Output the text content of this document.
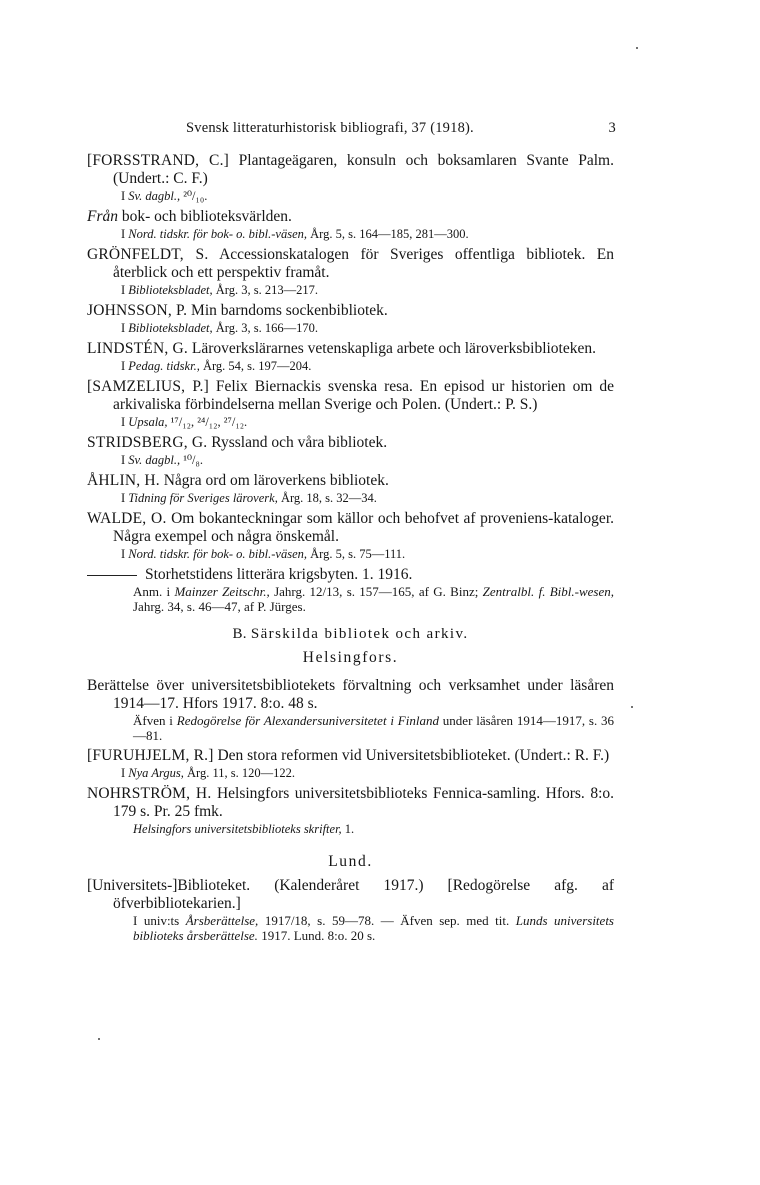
Svensk litteraturhistorisk bibliografi, 37 (1918).	3
[FORSSTRAND, C.] Plantageägaren, konsuln och boksamlaren Svante Palm. (Undert.: C. F.)
I Sv. dagbl., ²⁰/₁₀.
Från bok- och biblioteksvärlden.
I Nord. tidskr. för bok- o. bibl.-väsen, Årg. 5, s. 164—185, 281—300.
GRÖNFELDT, S. Accessionskatalogen för Sveriges offentliga bibliotek. En återblick och ett perspektiv framåt.
I Biblioteksbladet, Årg. 3, s. 213—217.
JOHNSSON, P. Min barndoms sockenbibliotek.
I Biblioteksbladet, Årg. 3, s. 166—170.
LINDSTÉN, G. Läroverkslärarnes vetenskapliga arbete och läroverksbiblioteken.
I Pedag. tidskr., Årg. 54, s. 197—204.
[SAMZELIUS, P.] Felix Biernackis svenska resa. En episod ur historien om de arkivaliska förbindelserna mellan Sverige och Polen. (Undert.: P. S.)
I Upsala, ¹⁷/₁₂, ²⁴/₁₂, ²⁷/₁₂.
STRIDSBERG, G. Ryssland och våra bibliotek.
I Sv. dagbl., ¹⁰/₈.
ÅHLIN, H. Några ord om läroverkens bibliotek.
I Tidning för Sveriges läroverk, Årg. 18, s. 32—34.
WALDE, O. Om bokanteckningar som källor och behofvet af proveniens-kataloger. Några exempel och några önskemål.
I Nord. tidskr. för bok- o. bibl.-väsen, Årg. 5, s. 75—111.
Storhetstidens litterära krigsbyten. 1. 1916.
Anm. i Mainzer Zeitschr., Jahrg. 12/13, s. 157—165, af G. Binz; Zentralbl. f. Bibl.-wesen, Jahrg. 34, s. 46—47, af P. Jürges.
B. Särskilda bibliotek och arkiv.
Helsingfors.
Berättelse över universitetsbibliotekets förvaltning och verksamhet under läsåren 1914—17. Hfors 1917. 8:o. 48 s.
Äfven i Redogörelse för Alexandersuniversitetet i Finland under läsåren 1914—1917, s. 36—81.
[FURUHJELM, R.] Den stora reformen vid Universitetsbiblioteket. (Undert.: R. F.)
I Nya Argus, Årg. 11, s. 120—122.
NOHRSTRÖM, H. Helsingfors universitetsbiblioteks Fennica-samling. Hfors. 8:o. 179 s. Pr. 25 fmk.
Helsingfors universitetsbiblioteks skrifter, 1.
Lund.
[Universitets-]Biblioteket. (Kalenderåret 1917.) [Redogörelse afg. af öfverbibliotekarien.]
I univ:ts Årsberättelse, 1917/18, s. 59—78. — Äfven sep. med tit. Lunds universitets biblioteks årsberättelse. 1917. Lund. 8:o. 20 s.
